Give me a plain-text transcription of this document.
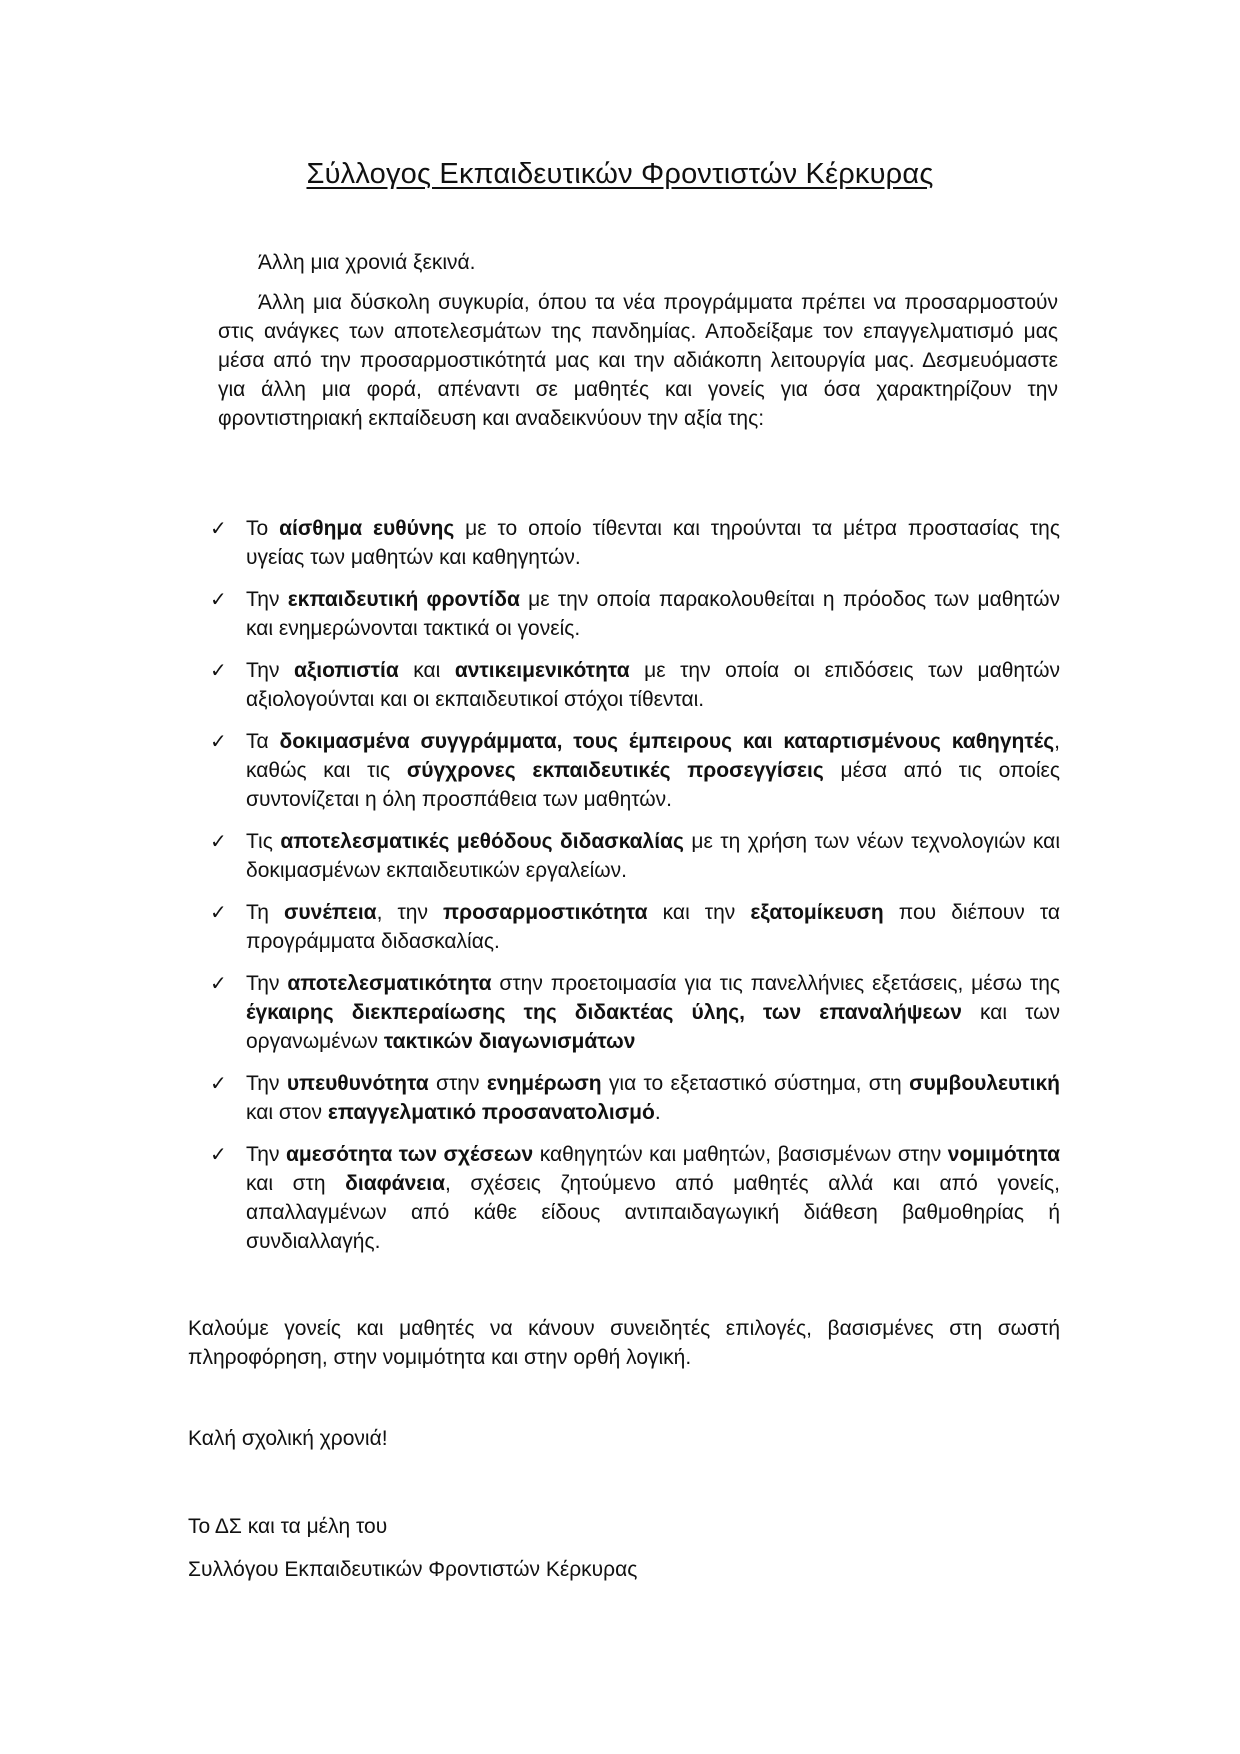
Σύλλογος Εκπαιδευτικών Φροντιστών Κέρκυρας

Άλλη μια χρονιά ξεκινά.

Άλλη μια δύσκολη συγκυρία, όπου τα νέα προγράμματα πρέπει να προσαρμοστούν στις ανάγκες των αποτελεσμάτων της πανδημίας. Αποδείξαμε τον επαγγελματισμό μας μέσα από την προσαρμοστικότητά μας και την αδιάκοπη λειτουργία μας. Δεσμευόμαστε για άλλη μια φορά, απέναντι σε μαθητές και γονείς για όσα χαρακτηρίζουν την φροντιστηριακή εκπαίδευση και αναδεικνύουν την αξία της:

✓ Το αίσθημα ευθύνης με το οποίο τίθενται και τηρούνται τα μέτρα προστασίας της υγείας των μαθητών και καθηγητών.
✓ Την εκπαιδευτική φροντίδα με την οποία παρακολουθείται η πρόοδος των μαθητών και ενημερώνονται τακτικά οι γονείς.
✓ Την αξιοπιστία και αντικειμενικότητα με την οποία οι επιδόσεις των μαθητών αξιολογούνται και οι εκπαιδευτικοί στόχοι τίθενται.
✓ Τα δοκιμασμένα συγγράμματα, τους έμπειρους και καταρτισμένους καθηγητές, καθώς και τις σύγχρονες εκπαιδευτικές προσεγγίσεις μέσα από τις οποίες συντονίζεται η όλη προσπάθεια των μαθητών.
✓ Τις αποτελεσματικές μεθόδους διδασκαλίας με τη χρήση των νέων τεχνολογιών και δοκιμασμένων εκπαιδευτικών εργαλείων.
✓ Τη συνέπεια, την προσαρμοστικότητα και την εξατομίκευση που διέπουν τα προγράμματα διδασκαλίας.
✓ Την αποτελεσματικότητα στην προετοιμασία για τις πανελλήνιες εξετάσεις, μέσω της έγκαιρης διεκπεραίωσης της διδακτέας ύλης, των επαναλήψεων και των οργανωμένων τακτικών διαγωνισμάτων
✓ Την υπευθυνότητα στην ενημέρωση για το εξεταστικό σύστημα, στη συμβουλευτική και στον επαγγελματικό προσανατολισμό.
✓ Την αμεσότητα των σχέσεων καθηγητών και μαθητών, βασισμένων στην νομιμότητα και στη διαφάνεια, σχέσεις ζητούμενο από μαθητές αλλά και από γονείς, απαλλαγμένων από κάθε είδους αντιπαιδαγωγική διάθεση βαθμοθηρίας ή συνδιαλλαγής.

Καλούμε γονείς και μαθητές να κάνουν συνειδητές επιλογές, βασισμένες στη σωστή πληροφόρηση, στην νομιμότητα και στην ορθή λογική.

Καλή σχολική χρονιά!

Το ΔΣ και τα μέλη του

Συλλόγου Εκπαιδευτικών Φροντιστών Κέρκυρας
